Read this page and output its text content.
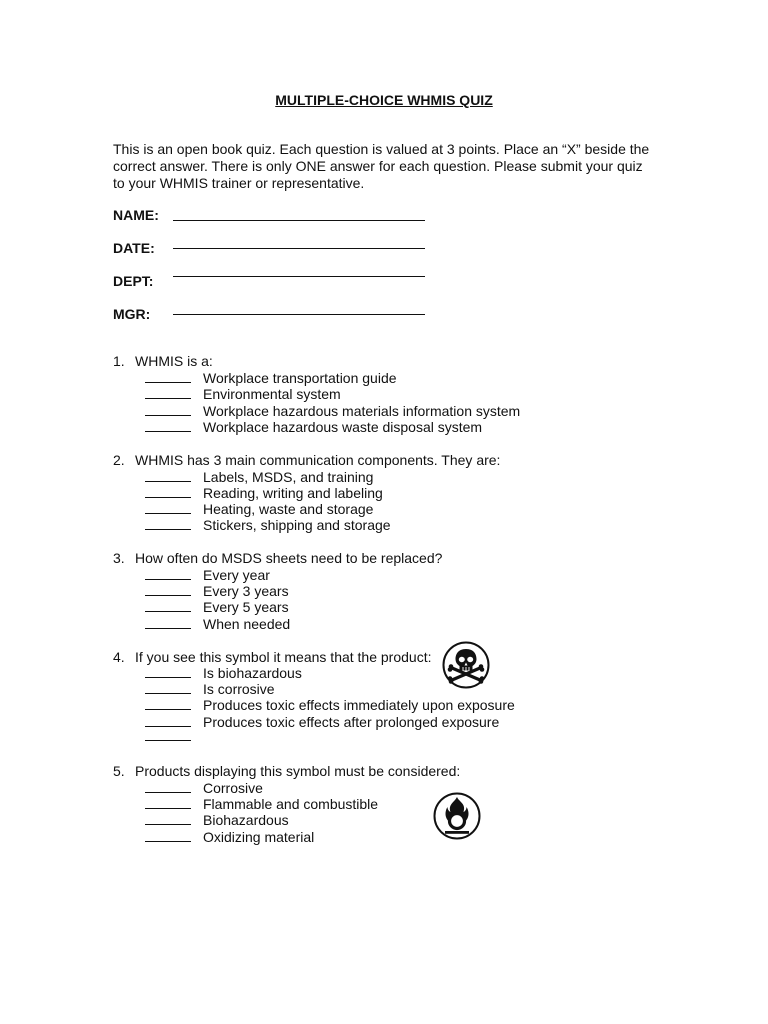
MULTIPLE-CHOICE WHMIS QUIZ
This is an open book quiz. Each question is valued at 3 points. Place an “X” beside the
correct answer. There is only ONE answer for each question. Please submit your quiz
to your WHMIS trainer or representative.
NAME:
DATE:
DEPT:
MGR:
1. WHMIS is a:
Workplace transportation guide
Environmental system
Workplace hazardous materials information system
Workplace hazardous waste disposal system
2. WHMIS has 3 main communication components. They are:
Labels, MSDS, and training
Reading, writing and labeling
Heating, waste and storage
Stickers, shipping and storage
3. How often do MSDS sheets need to be replaced?
Every year
Every 3 years
Every 5 years
When needed
4. If you see this symbol it means that the product:
Is biohazardous
Is corrosive
Produces toxic effects immediately upon exposure
Produces toxic effects after prolonged exposure
5. Products displaying this symbol must be considered:
Corrosive
Flammable and combustible
Biohazardous
Oxidizing material
